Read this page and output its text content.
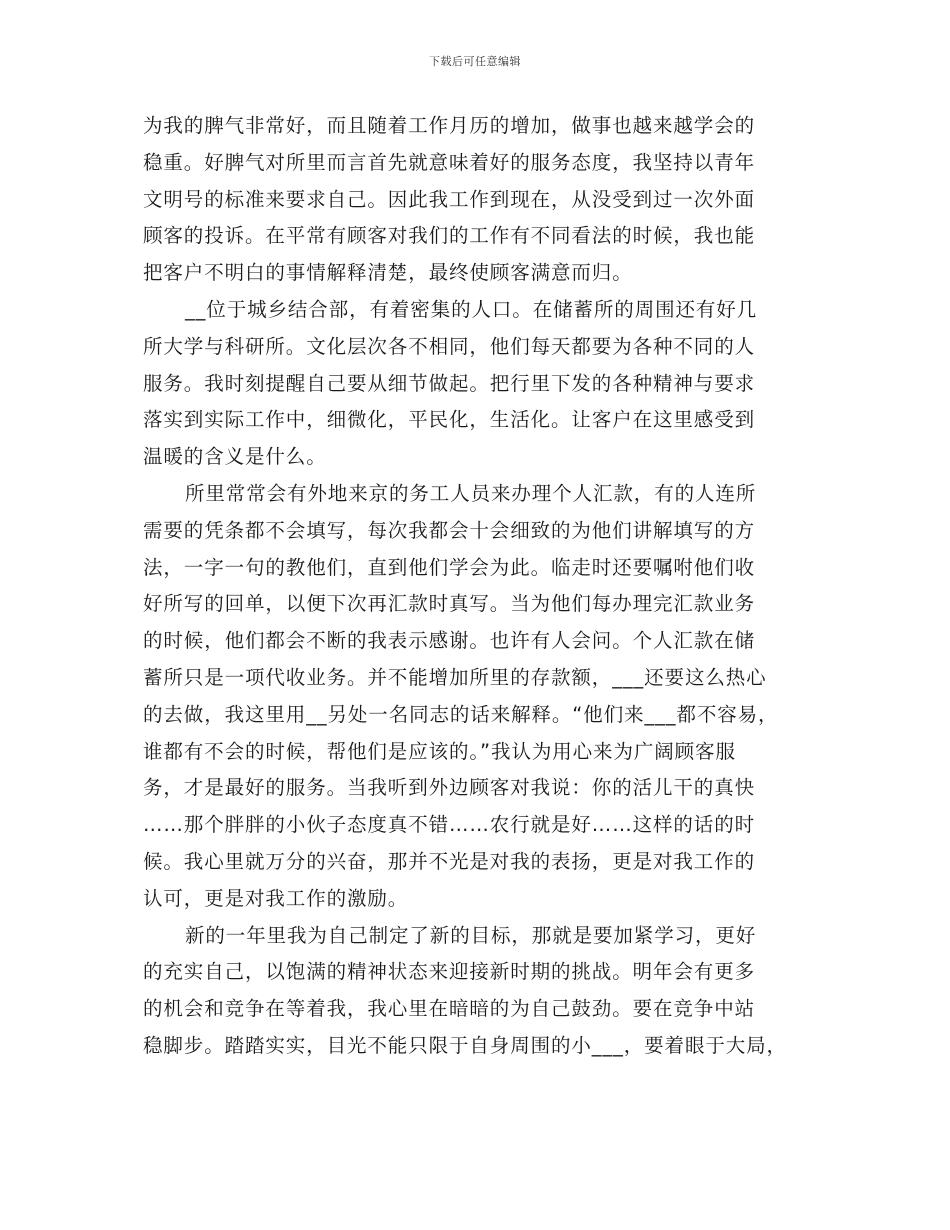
下载后可任意编辑
为我的脾气非常好，而且随着工作月历的增加，做事也越来越学会的
稳重。好脾气对所里而言首先就意味着好的服务态度，我坚持以青年
文明号的标准来要求自己。因此我工作到现在，从没受到过一次外面
顾客的投诉。在平常有顾客对我们的工作有不同看法的时候，我也能
把客户不明白的事情解释清楚，最终使顾客满意而归。
__位于城乡结合部，有着密集的人口。在储蓄所的周围还有好几
所大学与科研所。文化层次各不相同，他们每天都要为各种不同的人
服务。我时刻提醒自己要从细节做起。把行里下发的各种精神与要求
落实到实际工作中，细微化，平民化，生活化。让客户在这里感受到
温暖的含义是什么。
所里常常会有外地来京的务工人员来办理个人汇款，有的人连所
需要的凭条都不会填写，每次我都会十会细致的为他们讲解填写的方
法，一字一句的教他们，直到他们学会为此。临走时还要嘱咐他们收
好所写的回单，以便下次再汇款时真写。当为他们每办理完汇款业务
的时候，他们都会不断的我表示感谢。也许有人会问。个人汇款在储
蓄所只是一项代收业务。并不能增加所里的存款额，___还要这么热心
的去做，我这里用__另处一名同志的话来解释。“他们来___都不容易，
谁都有不会的时候，帮他们是应该的。”我认为用心来为广阔顾客服
务，才是最好的服务。当我听到外边顾客对我说：你的活儿干的真快
……那个胖胖的小伙子态度真不错……农行就是好……这样的话的时
候。我心里就万分的兴奋，那并不光是对我的表扬，更是对我工作的
认可，更是对我工作的激励。
新的一年里我为自己制定了新的目标，那就是要加紧学习，更好
的充实自己，以饱满的精神状态来迎接新时期的挑战。明年会有更多
的机会和竞争在等着我，我心里在暗暗的为自己鼓劲。要在竞争中站
稳脚步。踏踏实实，目光不能只限于自身周围的小___，要着眼于大局，
